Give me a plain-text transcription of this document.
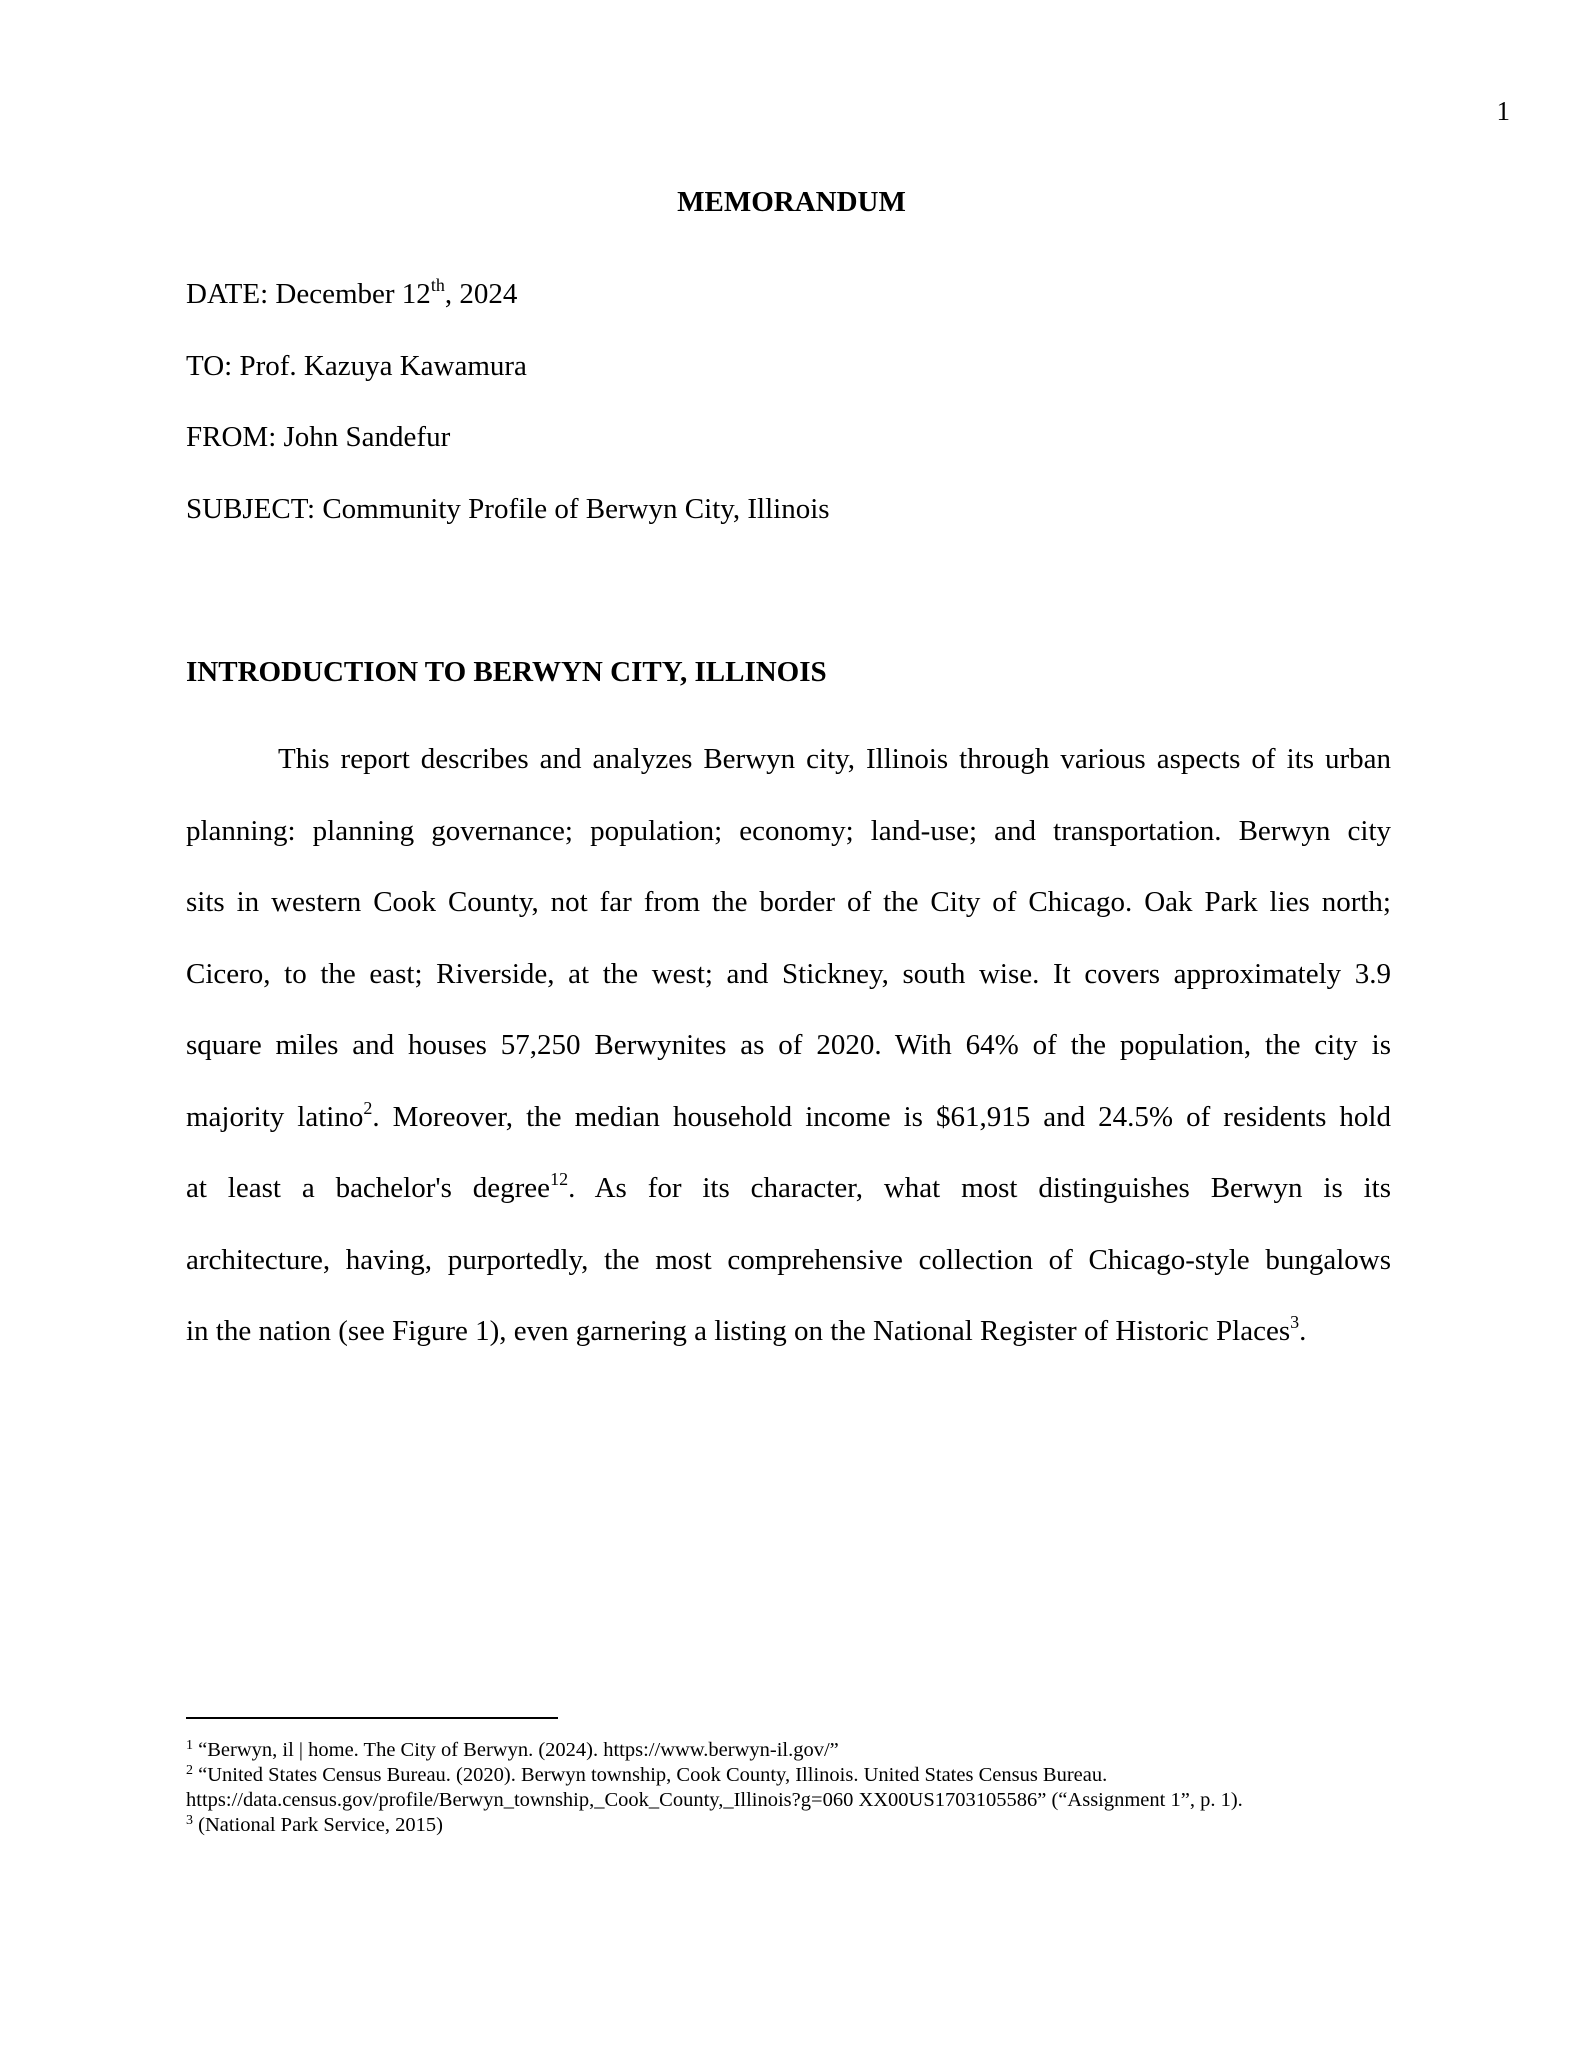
1
MEMORANDUM
DATE: December 12th, 2024
TO: Prof. Kazuya Kawamura
FROM: John Sandefur
SUBJECT: Community Profile of Berwyn City, Illinois
INTRODUCTION TO BERWYN CITY, ILLINOIS
This report describes and analyzes Berwyn city, Illinois through various aspects of its urban
planning: planning governance; population; economy; land-use; and transportation. Berwyn city
sits in western Cook County, not far from the border of the City of Chicago. Oak Park lies north;
Cicero, to the east; Riverside, at the west; and Stickney, south wise. It covers approximately 3.9
square miles and houses 57,250 Berwynites as of 2020. With 64% of the population, the city is
majority latino$^2$. Moreover, the median household income is $61,915 and 24.5% of residents hold
at least a bachelor's degree$^{12}$. As for its character, what most distinguishes Berwyn is its
architecture, having, purportedly, the most comprehensive collection of Chicago-style bungalows
in the nation (see Figure 1), even garnering a listing on the National Register of Historic Places$^3$.
$^1$ “Berwyn, il | home. The City of Berwyn. (2024). https://www.berwyn-il.gov/”
$^2$ “United States Census Bureau. (2020). Berwyn township, Cook County, Illinois. United States Census Bureau.
https://data.census.gov/profile/Berwyn_township,_Cook_County,_Illinois?g=060 XX00US1703105586” (“Assignment 1”, p. 1).
$^3$ (National Park Service, 2015)
